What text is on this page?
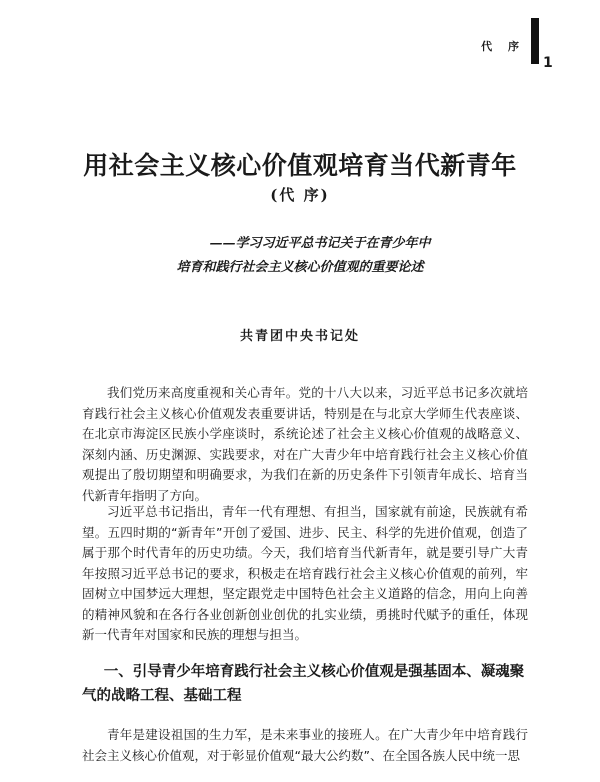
代 序
1
用社会主义核心价值观培育当代新青年
(代 序)
——学习习近平总书记关于在青少年中
培育和践行社会主义核心价值观的重要论述
共青团中央书记处

我们党历来高度重视和关心青年。党的十八大以来，习近平总书记多次就培育践行社会主义核心价值观发表重要讲话，特别是在与北京大学师生代表座谈、在北京市海淀区民族小学座谈时，系统论述了社会主义核心价值观的战略意义、深刻内涵、历史渊源、实践要求，对在广大青少年中培育践行社会主义核心价值观提出了殷切期望和明确要求，为我们在新的历史条件下引领青年成长、培育当代新青年指明了方向。

习近平总书记指出，青年一代有理想、有担当，国家就有前途，民族就有希望。五四时期的“新青年”开创了爱国、进步、民主、科学的先进价值观，创造了属于那个时代青年的历史功绩。今天，我们培育当代新青年，就是要引导广大青年按照习近平总书记的要求，积极走在培育践行社会主义核心价值观的前列，牢固树立中国梦远大理想，坚定跟党走中国特色社会主义道路的信念，用向上向善的精神风貌和在各行各业创新创业创优的扎实业绩，勇挑时代赋予的重任，体现新一代青年对国家和民族的理想与担当。

一、引导青少年培育践行社会主义核心价值观是强基固本、凝魂聚气的战略工程、基础工程

青年是建设祖国的生力军，是未来事业的接班人。在广大青少年中培育践行社会主义核心价值观，对于彰显价值观“最大公约数”、在全国各族人民中统一思
